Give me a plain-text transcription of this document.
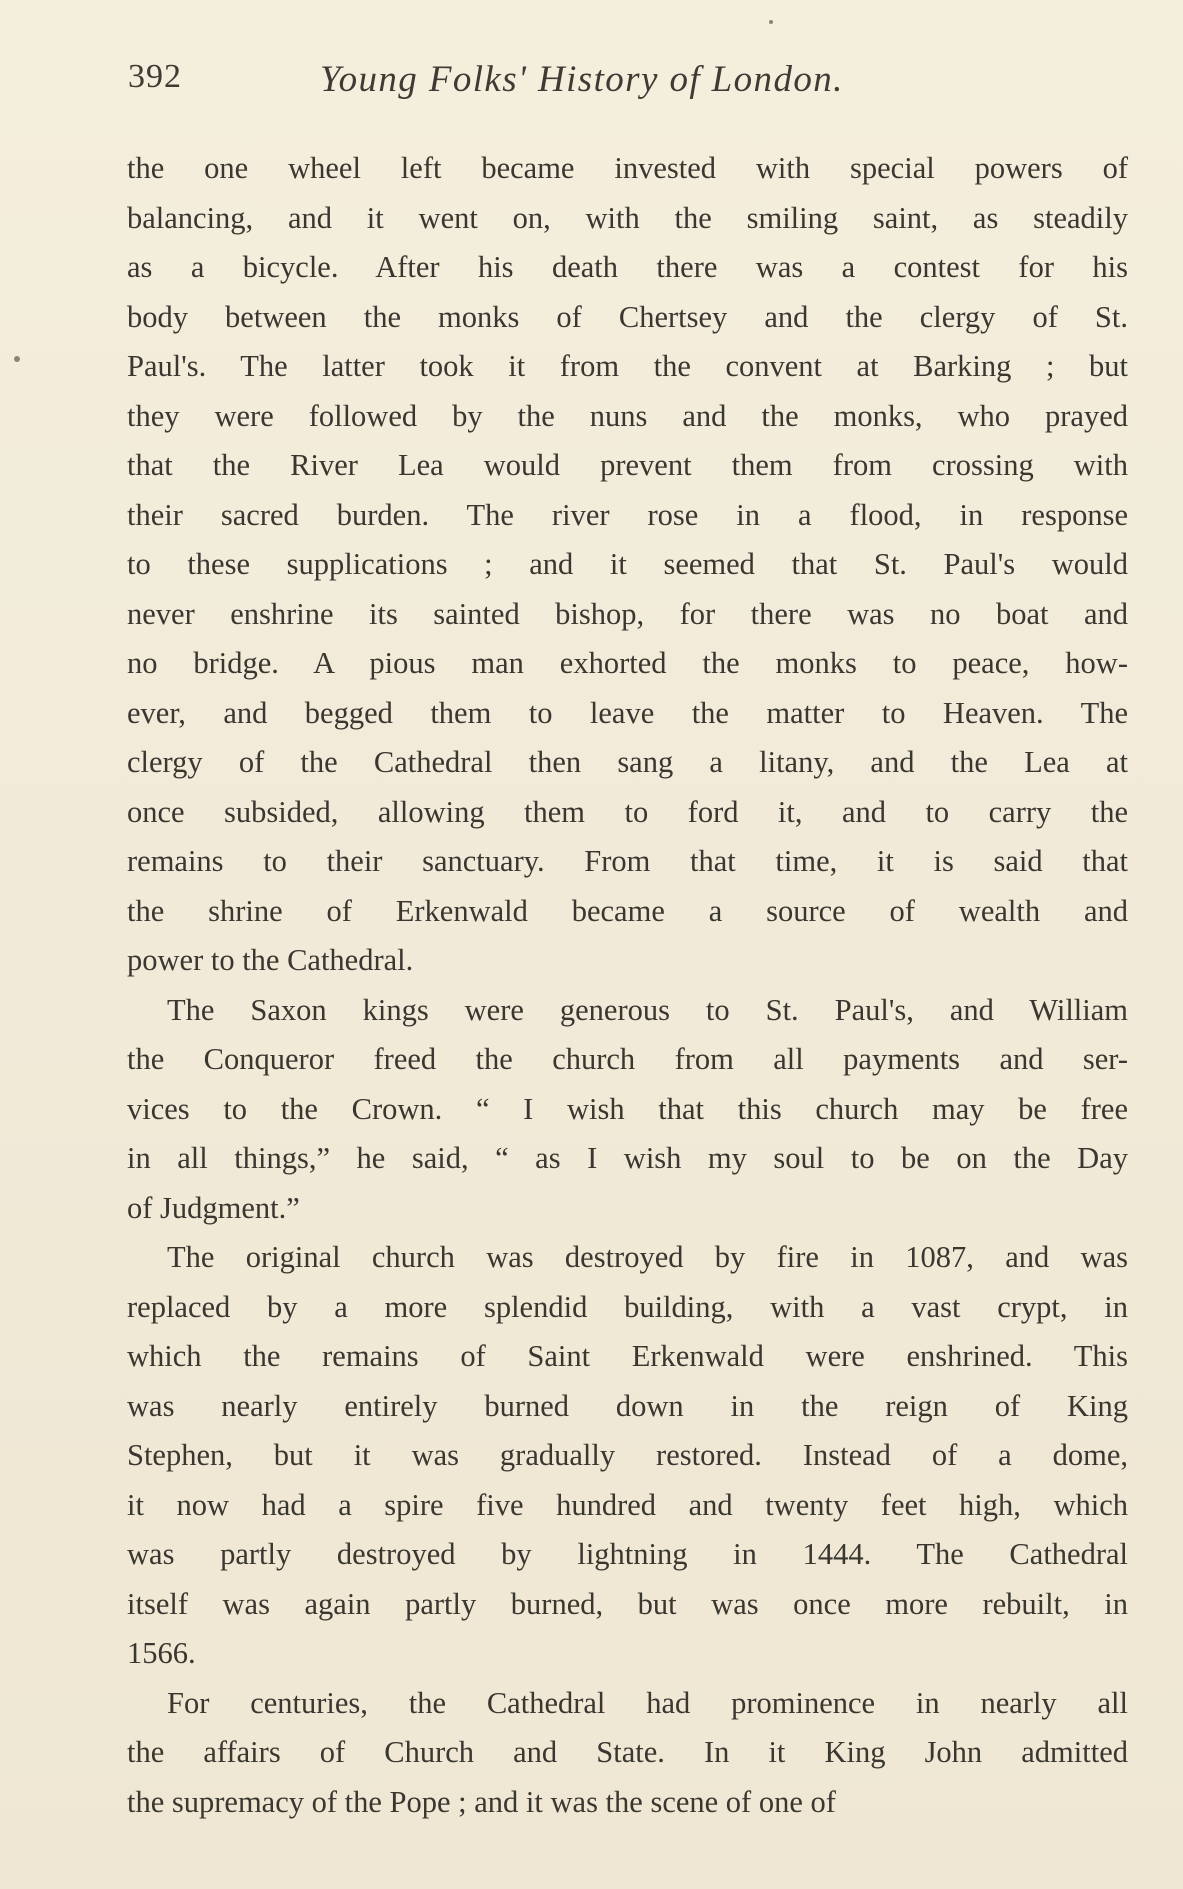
392	Young Folks' History of London.
the one wheel left became invested with special powers of
balancing, and it went on, with the smiling saint, as steadily
as a bicycle. After his death there was a contest for his
body between the monks of Chertsey and the clergy of St.
Paul's. The latter took it from the convent at Barking ; but
they were followed by the nuns and the monks, who prayed
that the River Lea would prevent them from crossing with
their sacred burden. The river rose in a flood, in response
to these supplications ; and it seemed that St. Paul's would
never enshrine its sainted bishop, for there was no boat and
no bridge. A pious man exhorted the monks to peace, how-
ever, and begged them to leave the matter to Heaven. The
clergy of the Cathedral then sang a litany, and the Lea at
once subsided, allowing them to ford it, and to carry the
remains to their sanctuary. From that time, it is said that
the shrine of Erkenwald became a source of wealth and
power to the Cathedral.
The Saxon kings were generous to St. Paul's, and William
the Conqueror freed the church from all payments and ser-
vices to the Crown. “ I wish that this church may be free
in all things,” he said, “ as I wish my soul to be on the Day
of Judgment.”
The original church was destroyed by fire in 1087, and was
replaced by a more splendid building, with a vast crypt, in
which the remains of Saint Erkenwald were enshrined. This
was nearly entirely burned down in the reign of King
Stephen, but it was gradually restored. Instead of a dome,
it now had a spire five hundred and twenty feet high, which
was partly destroyed by lightning in 1444. The Cathedral
itself was again partly burned, but was once more rebuilt, in
1566.
For centuries, the Cathedral had prominence in nearly all
the affairs of Church and State. In it King John admitted
the supremacy of the Pope ; and it was the scene of one of
